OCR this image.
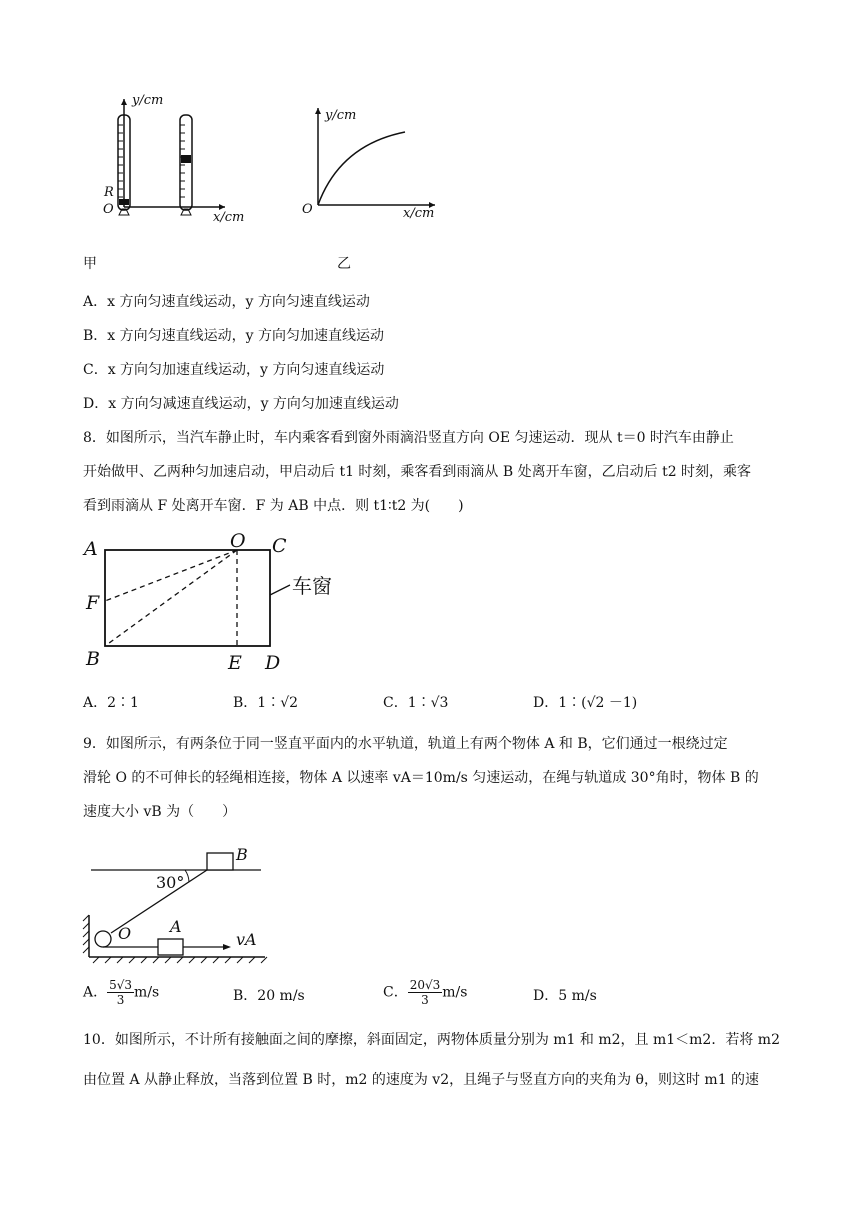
y/cm
x/cm
R
O
y/cm
x/cm
O
甲	乙
A．x 方向匀速直线运动，y 方向匀速直线运动
B．x 方向匀速直线运动，y 方向匀加速直线运动
C．x 方向匀加速直线运动，y 方向匀速直线运动
D．x 方向匀减速直线运动，y 方向匀加速直线运动
8．如图所示，当汽车静止时，车内乘客看到窗外雨滴沿竖直方向 OE 匀速运动．现从 t＝0 时汽车由静止
开始做甲、乙两种匀加速启动，甲启动后 t1 时刻，乘客看到雨滴从 B 处离开车窗，乙启动后 t2 时刻，乘客
看到雨滴从 F 处离开车窗．F 为 AB 中点．则 t1∶t2 为(　　)
A	O C
F
B	E D
车窗
A．2∶1	B．1∶√2	C．1∶√3	D．1∶(√2 －1)
9．如图所示，有两条位于同一竖直平面内的水平轨道，轨道上有两个物体 A 和 B，它们通过一根绕过定
滑轮 O 的不可伸长的轻绳相连接，物体 A 以速率 vA＝10m/s 匀速运动，在绳与轨道成 30°角时，物体 B 的
速度大小 vB 为（　　）
B
30°
O A
vA
A． $\frac{5√3}{3} m/s$	B．20 m/s	C． $\frac{20√3}{3} m/s$	D．5 m/s
10．如图所示，不计所有接触面之间的摩擦，斜面固定，两物体质量分别为 m1 和 m2，且 m1＜m2．若将 m2
由位置 A 从静止释放，当落到位置 B 时，m2 的速度为 v2，且绳子与竖直方向的夹角为 θ，则这时 m1 的速
